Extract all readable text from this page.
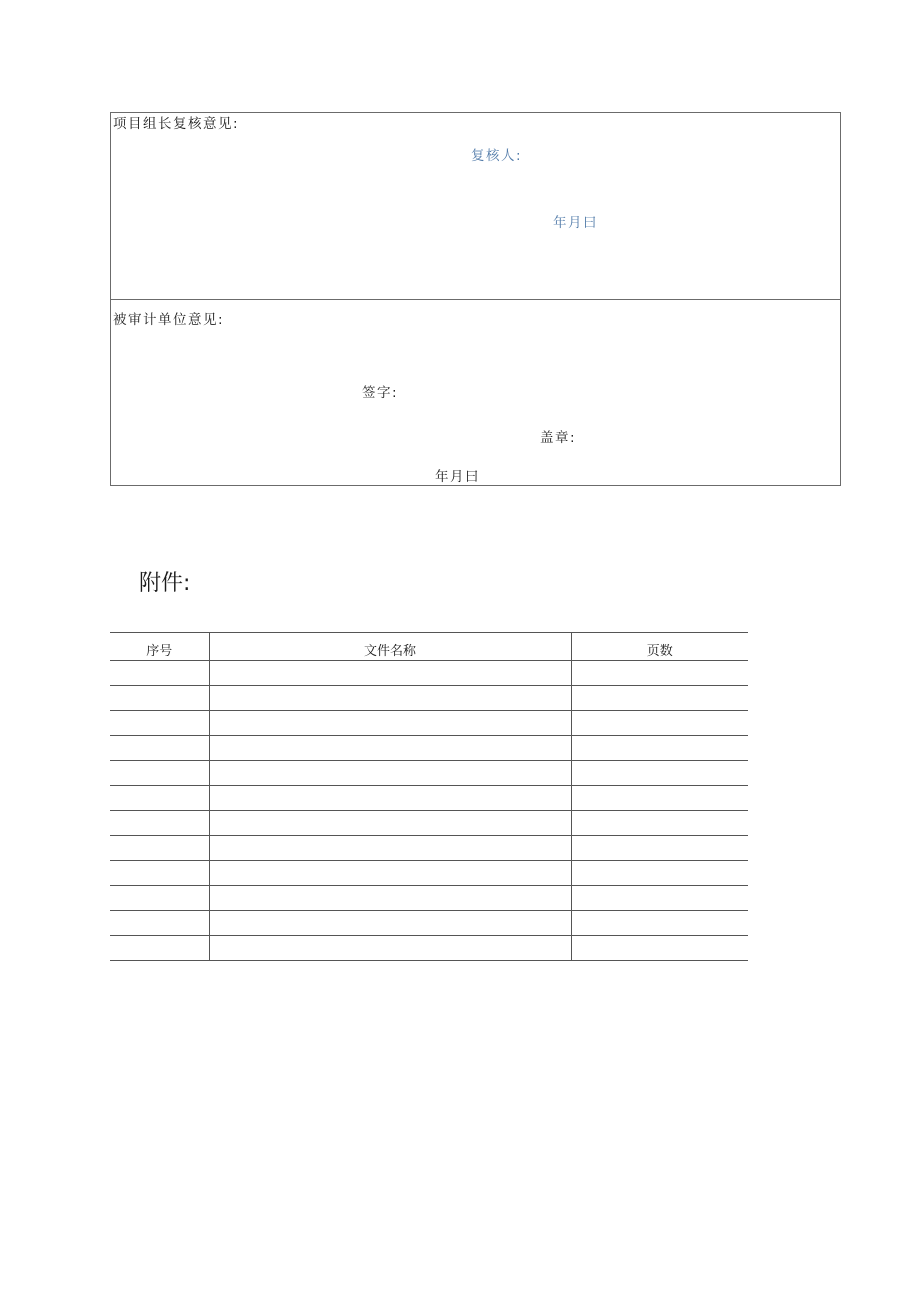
项目组长复核意见:
复核人:
年月曰
被审计单位意见:
签字:
盖章:
年月曰
附件:
序号	文件名称	页数
